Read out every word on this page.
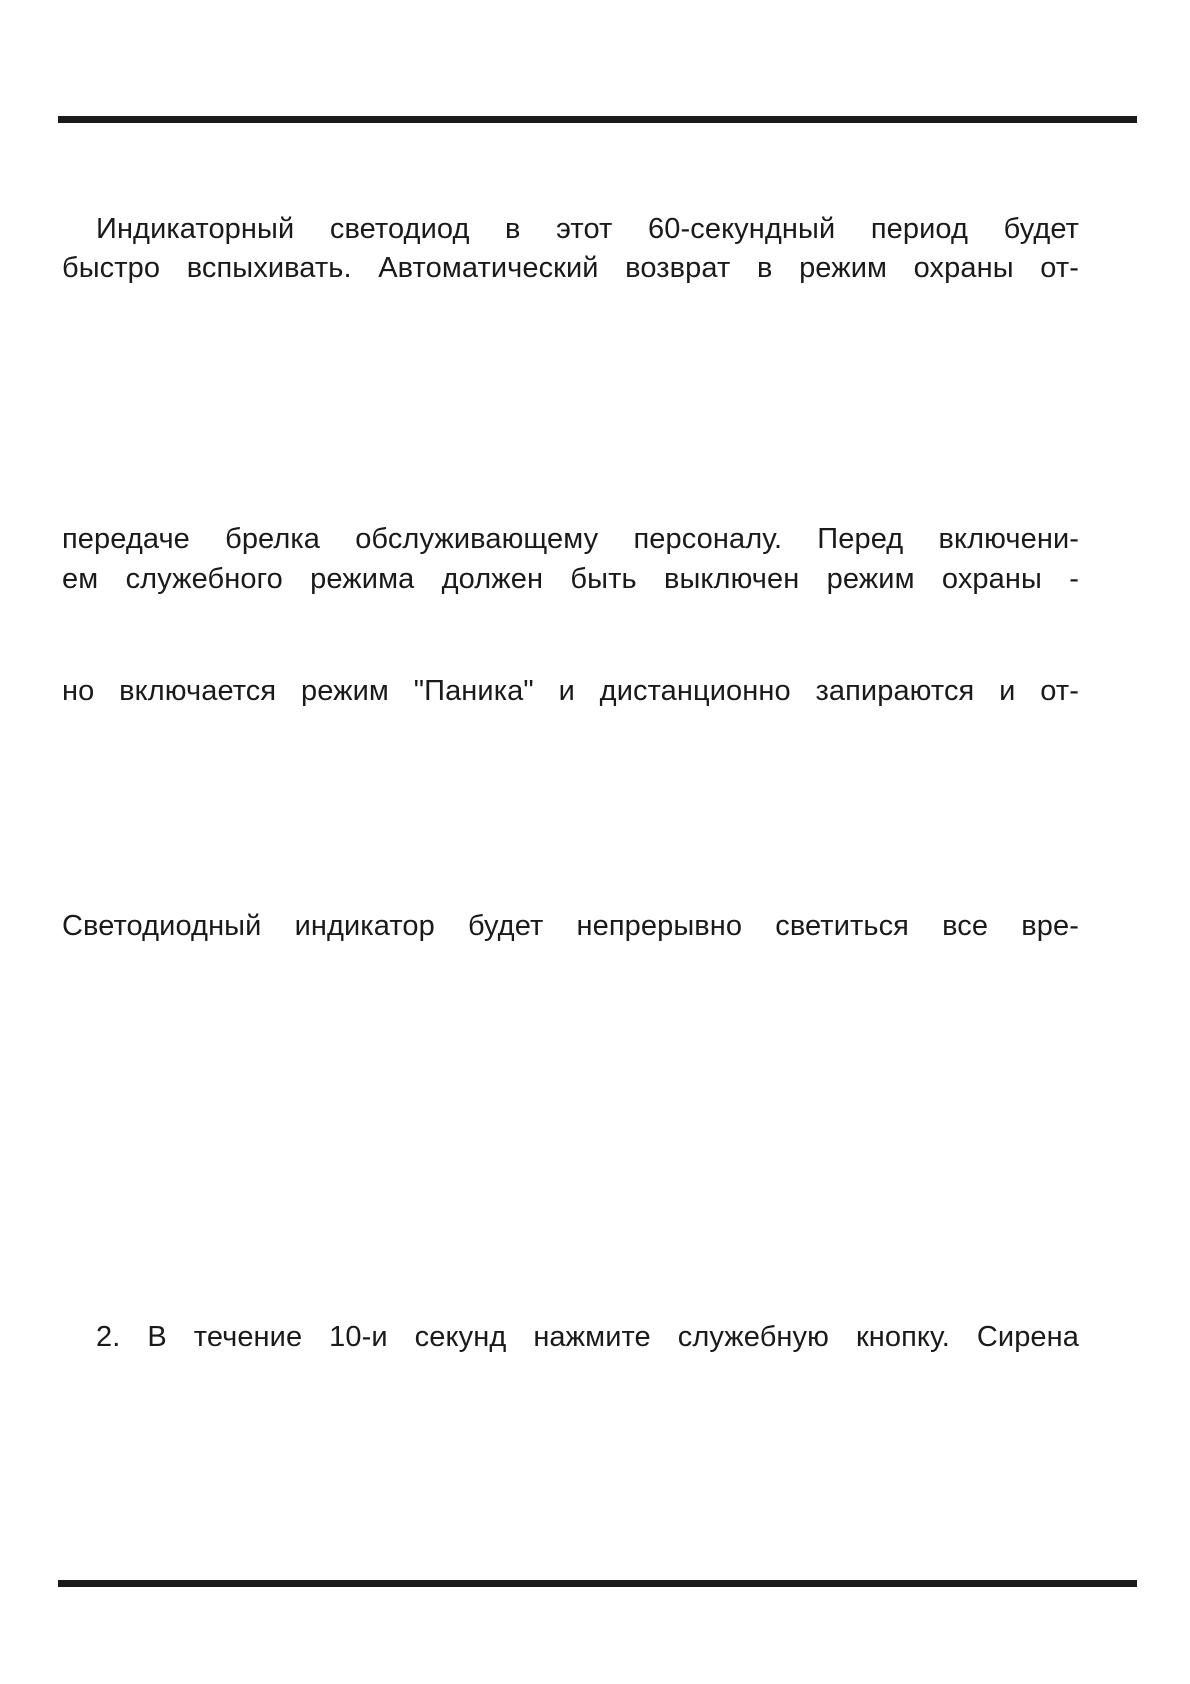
Индикаторный светодиод в этот 60-секундный период будет
быстро вспыхивать. Автоматический возврат в режим охраны от-
передаче брелка обслуживающему персоналу. Перед включени-
ем служебного режима должен быть выключен режим охраны -
но включается режим "Паника" и дистанционно запираются и от-
Светодиодный индикатор будет непрерывно светиться все вре-
2. В течение 10-и секунд нажмите служебную кнопку. Сирена
